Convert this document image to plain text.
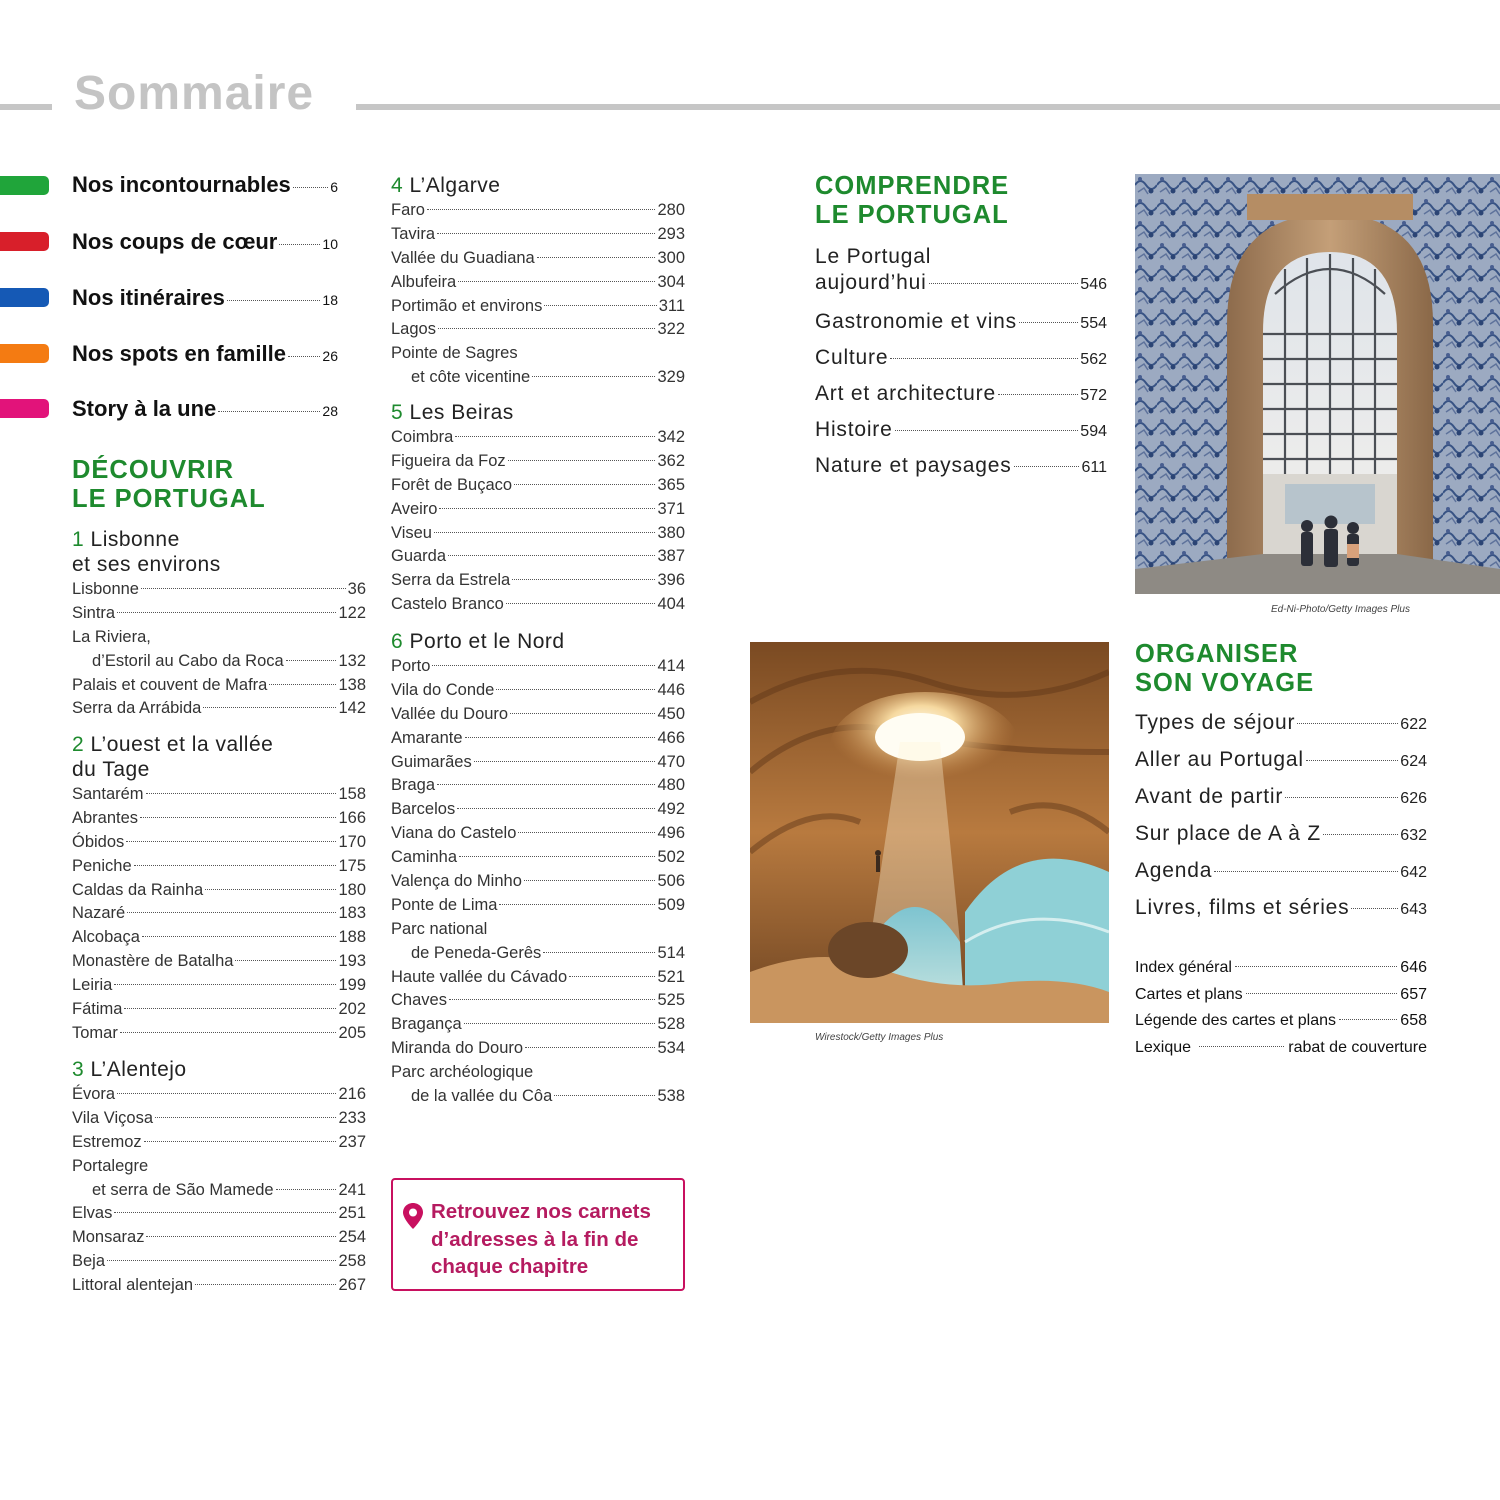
Sommaire
Nos incontournables	6
Nos coups de cœur	10
Nos itinéraires	18
Nos spots en famille	26
Story à la une	28
DÉCOUVRIR
LE PORTUGAL
1 Lisbonne
et ses environs
Lisbonne	36
Sintra	122
La Riviera,
d’Estoril au Cabo da Roca	132
Palais et couvent de Mafra	138
Serra da Arrábida	142
2 L’ouest et la vallée
du Tage
Santarém	158
Abrantes	166
Óbidos	170
Peniche	175
Caldas da Rainha	180
Nazaré	183
Alcobaça	188
Monastère de Batalha	193
Leiria	199
Fátima	202
Tomar	205
3 L’Alentejo
Évora	216
Vila Viçosa	233
Estremoz	237
Portalegre
et serra de São Mamede	241
Elvas	251
Monsaraz	254
Beja	258
Littoral alentejan	267
4 L’Algarve
Faro	280
Tavira	293
Vallée du Guadiana	300
Albufeira	304
Portimão et environs	311
Lagos	322
Pointe de Sagres
et côte vicentine	329
5 Les Beiras
Coimbra	342
Figueira da Foz	362
Forêt de Buçaco	365
Aveiro	371
Viseu	380
Guarda	387
Serra da Estrela	396
Castelo Branco	404
6 Porto et le Nord
Porto	414
Vila do Conde	446
Vallée du Douro	450
Amarante	466
Guimarães	470
Braga	480
Barcelos	492
Viana do Castelo	496
Caminha	502
Valença do Minho	506
Ponte de Lima	509
Parc national
de Peneda-Gerês	514
Haute vallée du Cávado	521
Chaves	525
Bragança	528
Miranda do Douro	534
Parc archéologique
de la vallée du Côa	538
Retrouvez nos carnets d’adresses à la fin de chaque chapitre
COMPRENDRE
LE PORTUGAL
Le Portugal
aujourd’hui	546
Gastronomie et vins	554
Culture	562
Art et architecture	572
Histoire	594
Nature et paysages	611
Ed-Ni-Photo/Getty Images Plus
Wirestock/Getty Images Plus
ORGANISER
SON VOYAGE
Types de séjour	622
Aller au Portugal	624
Avant de partir	626
Sur place de A à Z	632
Agenda	642
Livres, films et séries	643
Index général	646
Cartes et plans	657
Légende des cartes et plans	658
Lexique	rabat de couverture
